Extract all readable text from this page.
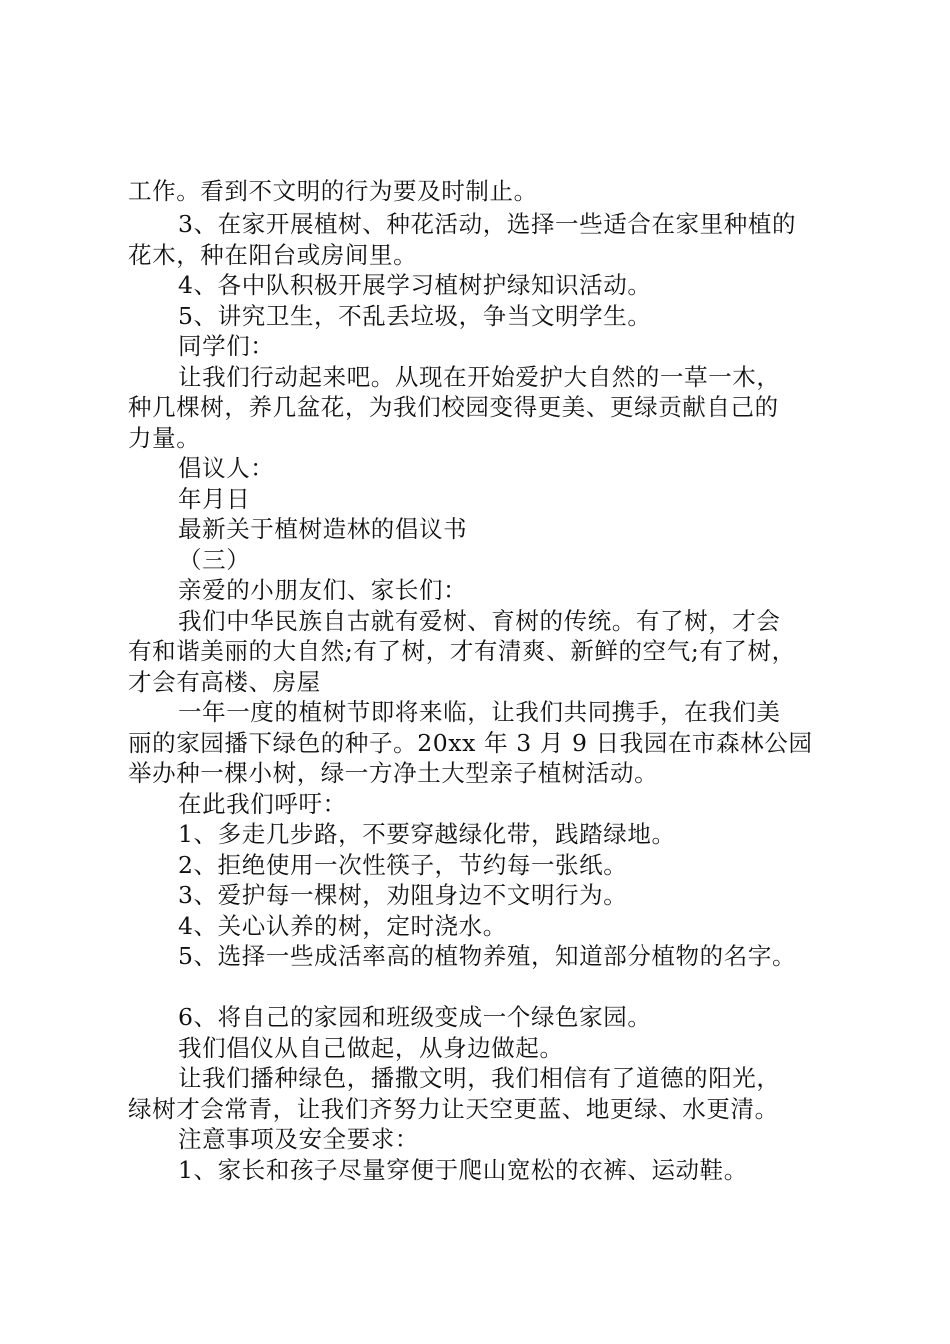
工作。看到不文明的行为要及时制止。
3、在家开展植树、种花活动，选择一些适合在家里种植的
花木，种在阳台或房间里。
4、各中队积极开展学习植树护绿知识活动。
5、讲究卫生，不乱丢垃圾，争当文明学生。
同学们：
让我们行动起来吧。从现在开始爱护大自然的一草一木，
种几棵树，养几盆花，为我们校园变得更美、更绿贡献自己的
力量。
倡议人：
年月日
最新关于植树造林的倡议书
（三）
亲爱的小朋友们、家长们：
我们中华民族自古就有爱树、育树的传统。有了树，才会
有和谐美丽的大自然;有了树，才有清爽、新鲜的空气;有了树，
才会有高楼、房屋
一年一度的植树节即将来临，让我们共同携手，在我们美
丽的家园播下绿色的种子。20xx 年 3 月 9 日我园在市森林公园
举办种一棵小树，绿一方净土大型亲子植树活动。
在此我们呼吁：
1、多走几步路，不要穿越绿化带，践踏绿地。
2、拒绝使用一次性筷子，节约每一张纸。
3、爱护每一棵树，劝阻身边不文明行为。
4、关心认养的树，定时浇水。
5、选择一些成活率高的植物养殖，知道部分植物的名字。
6、将自己的家园和班级变成一个绿色家园。
我们倡仪从自己做起，从身边做起。
让我们播种绿色，播撒文明，我们相信有了道德的阳光，
绿树才会常青，让我们齐努力让天空更蓝、地更绿、水更清。
注意事项及安全要求：
1、家长和孩子尽量穿便于爬山宽松的衣裤、运动鞋。
